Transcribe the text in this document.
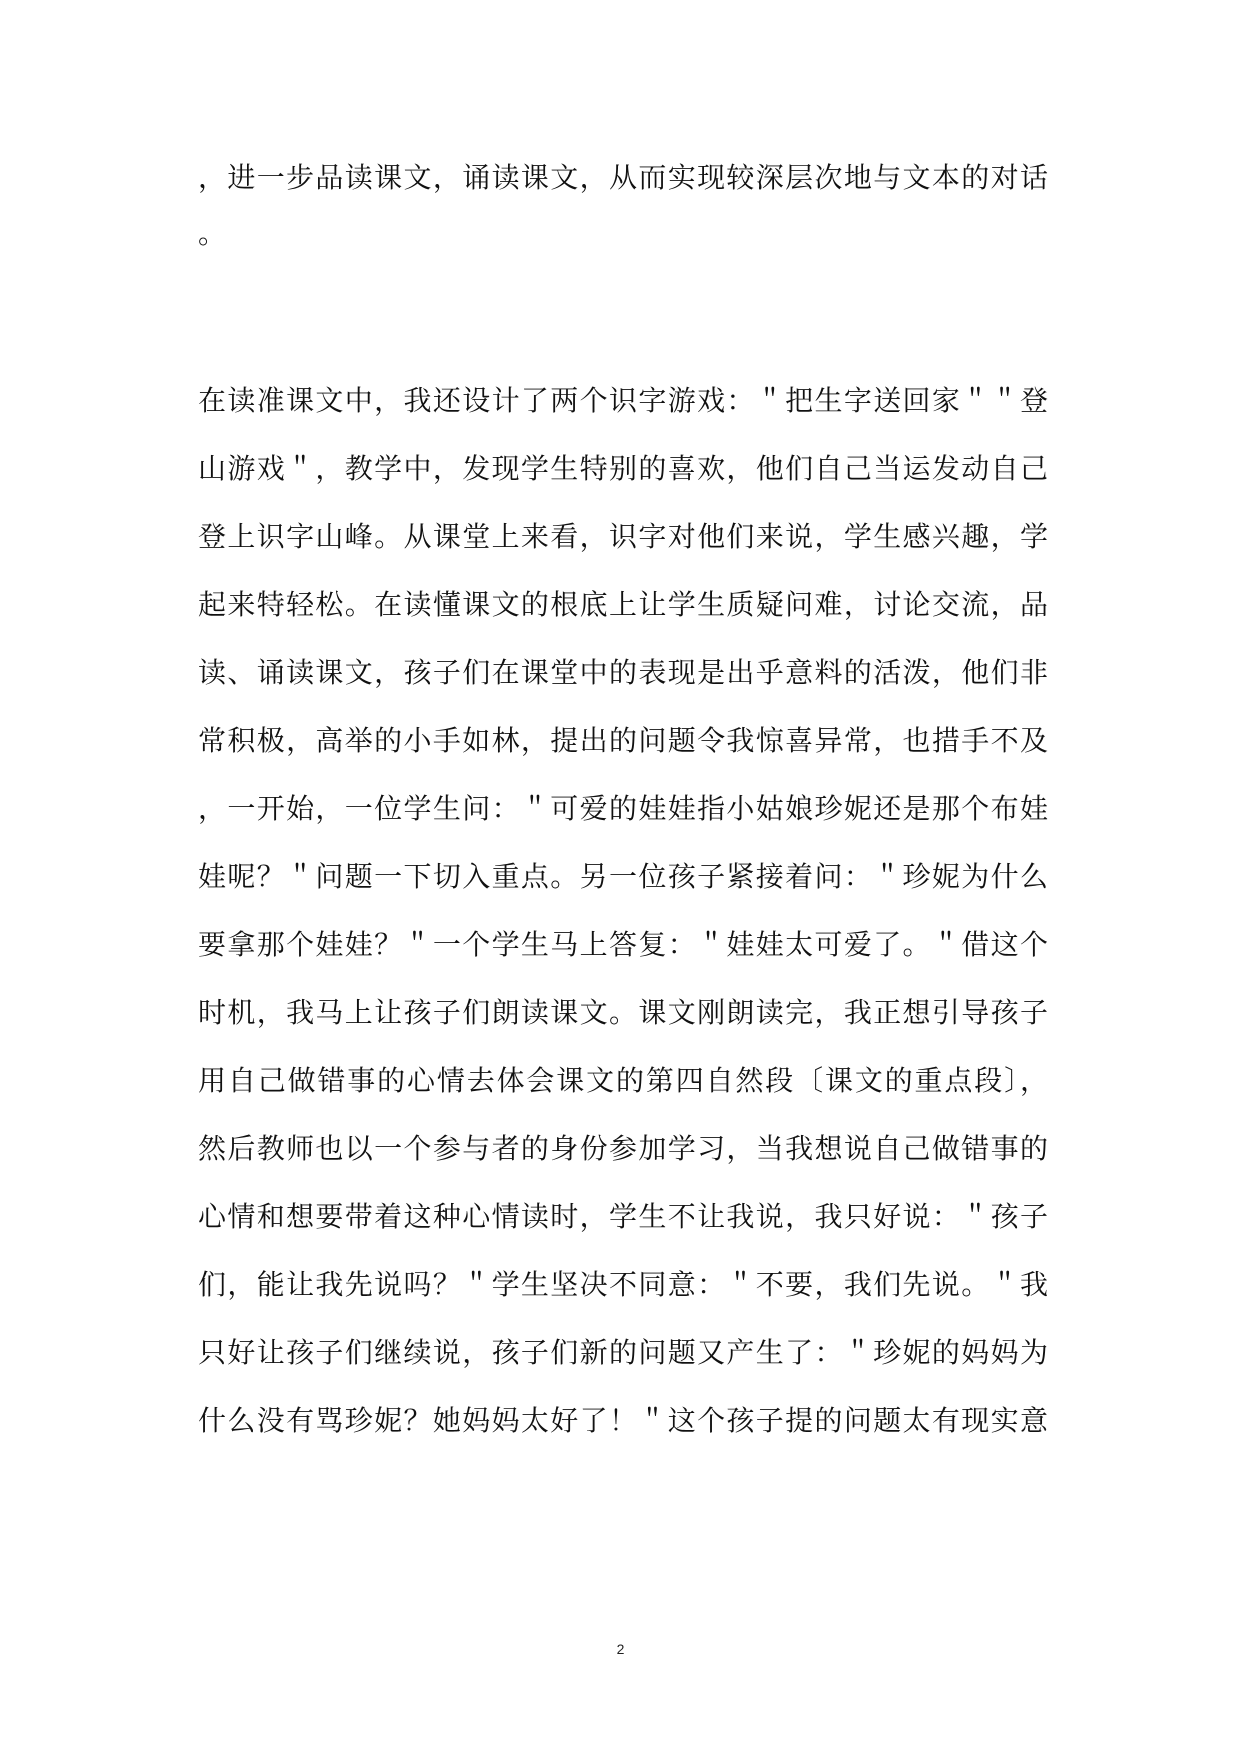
，进一步品读课文，诵读课文，从而实现较深层次地与文本的对话
。
在读准课文中，我还设计了两个识字游戏：＂把生字送回家＂＂登
山游戏＂，教学中，发现学生特别的喜欢，他们自己当运发动自己
登上识字山峰。从课堂上来看，识字对他们来说，学生感兴趣，学
起来特轻松。在读懂课文的根底上让学生质疑问难，讨论交流，品
读、诵读课文，孩子们在课堂中的表现是出乎意料的活泼，他们非
常积极，高举的小手如林，提出的问题令我惊喜异常，也措手不及
，一开始，一位学生问：＂可爱的娃娃指小姑娘珍妮还是那个布娃
娃呢？＂问题一下切入重点。另一位孩子紧接着问：＂珍妮为什么
要拿那个娃娃？＂一个学生马上答复：＂娃娃太可爱了。＂借这个
时机，我马上让孩子们朗读课文。课文刚朗读完，我正想引导孩子
用自己做错事的心情去体会课文的第四自然段〔课文的重点段〕，
然后教师也以一个参与者的身份参加学习，当我想说自己做错事的
心情和想要带着这种心情读时，学生不让我说，我只好说：＂孩子
们，能让我先说吗？＂学生坚决不同意：＂不要，我们先说。＂我
只好让孩子们继续说，孩子们新的问题又产生了：＂珍妮的妈妈为
什么没有骂珍妮？她妈妈太好了！＂这个孩子提的问题太有现实意
2
